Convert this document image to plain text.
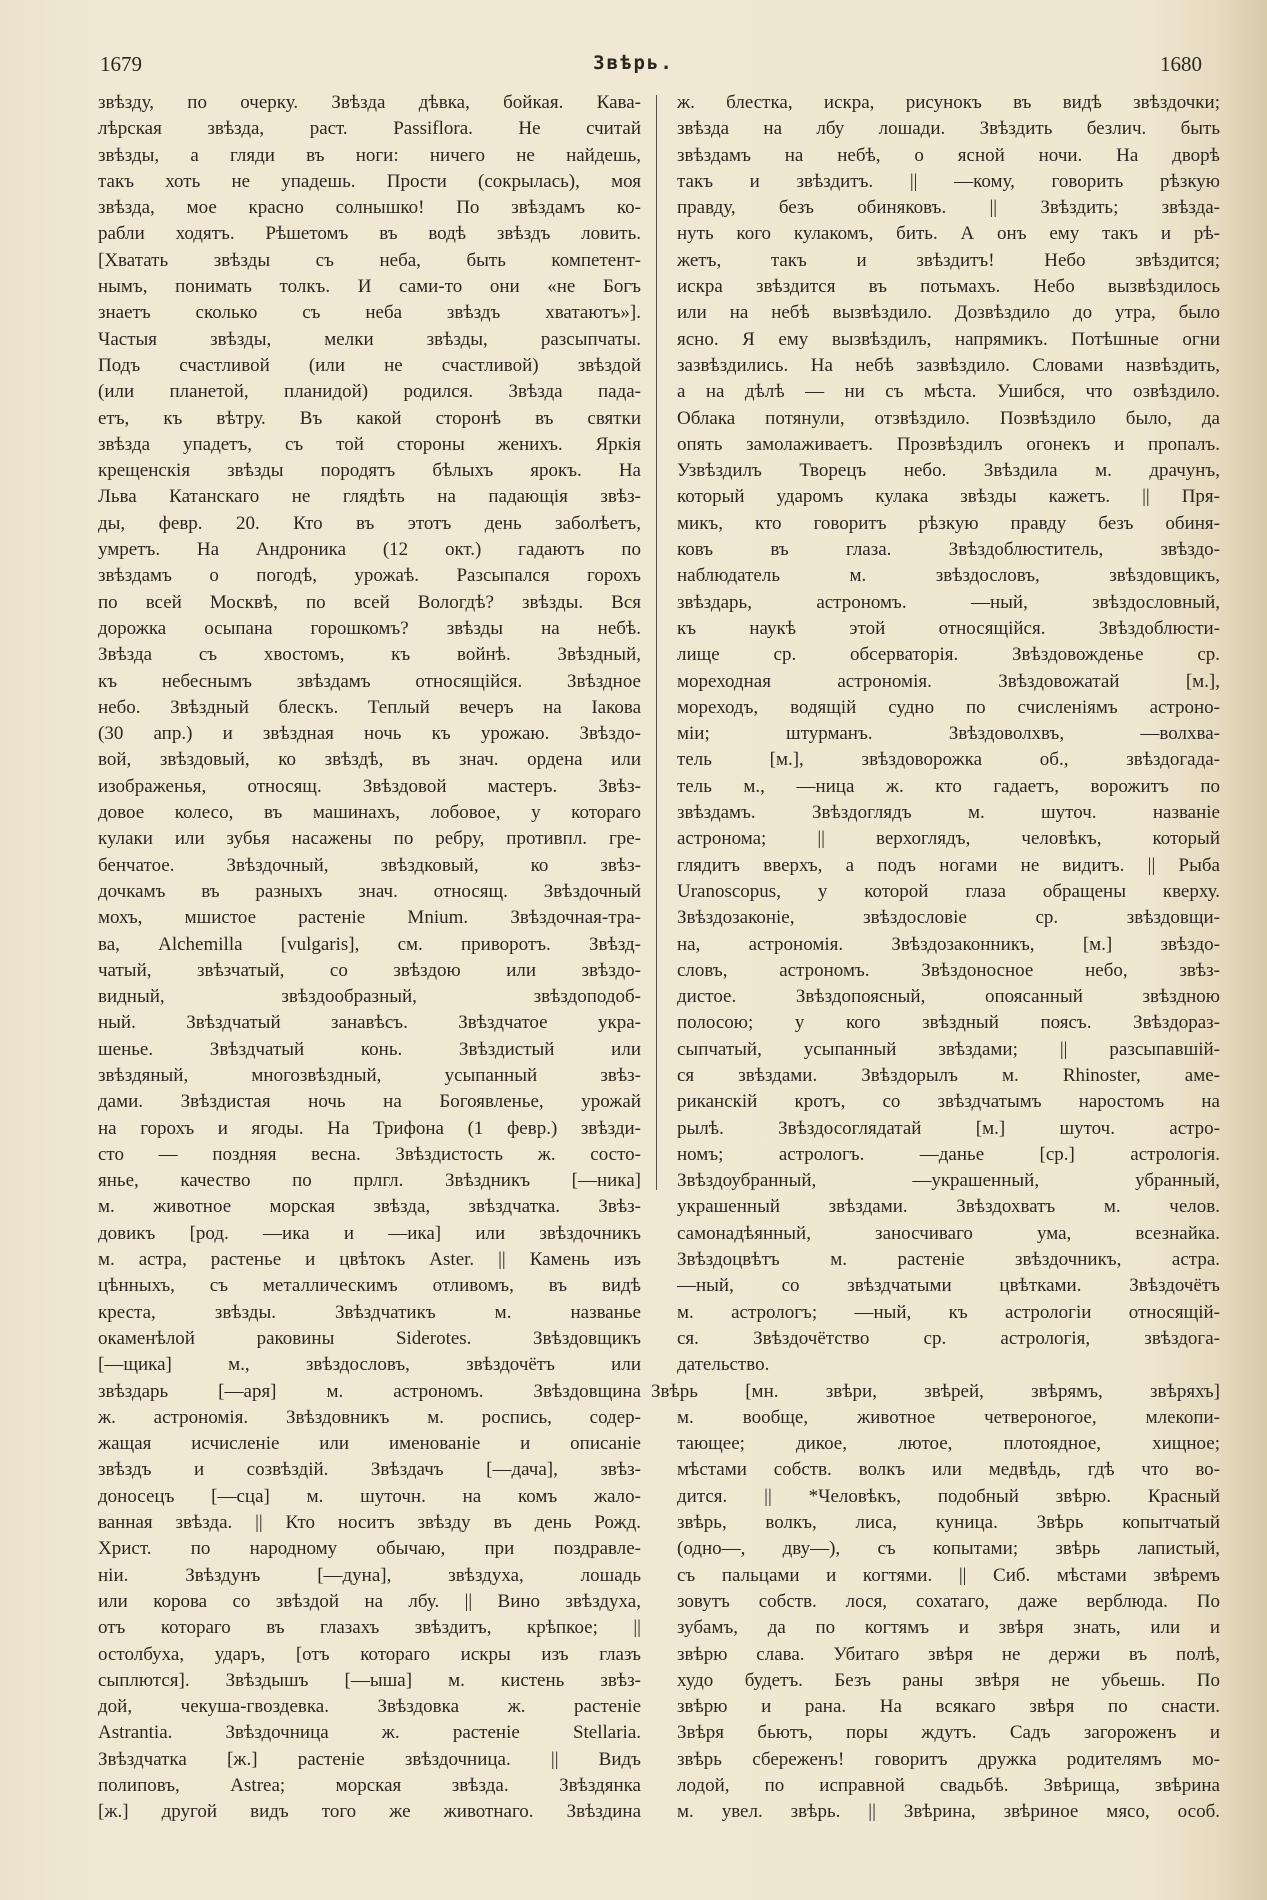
1679	Звѣрь.	1680
звѣзду, по очерку. Звѣзда дѣвка, бойкая. Кава-
лѣрская звѣзда, раст. Passiflora. Не считай
звѣзды, а гляди въ ноги: ничего не найдешь,
такъ хоть не упадешь. Прости (сокрылась), моя
звѣзда, мое красно солнышко! По звѣздамъ ко-
рабли ходятъ. Рѣшетомъ въ водѣ звѣздъ ловить.
[Хватать звѣзды съ неба, быть компетент-
нымъ, понимать толкъ. И сами-то они «не Богъ
знаетъ сколько съ неба звѣздъ хватаютъ»].
Частыя звѣзды, мелки звѣзды, разсыпчаты.
Подъ счастливой (или не счастливой) звѣздой
(или планетой, планидой) родился. Звѣзда пада-
етъ, къ вѣтру. Въ какой сторонѣ въ святки
звѣзда упадетъ, съ той стороны женихъ. Яркія
крещенскія звѣзды породятъ бѣлыхъ ярокъ. На
Льва Катанскаго не глядѣть на падающія звѣз-
ды, февр. 20. Кто въ этотъ день заболѣетъ,
умретъ. На Андроника (12 окт.) гадаютъ по
звѣздамъ о погодѣ, урожаѣ. Разсыпался горохъ
по всей Москвѣ, по всей Вологдѣ? звѣзды. Вся
дорожка осыпана горошкомъ? звѣзды на небѣ.
Звѣзда съ хвостомъ, къ войнѣ. Звѣздный,
къ небеснымъ звѣздамъ относящійся. Звѣздное
небо. Звѣздный блескъ. Теплый вечеръ на Іакова
(30 апр.) и звѣздная ночь къ урожаю. Звѣздо-
вой, звѣздовый, ко звѣздѣ, въ знач. ордена или
изображенья, относящ. Звѣздовой мастеръ. Звѣз-
довое колесо, въ машинахъ, лобовое, у котораго
кулаки или зубья насажены по ребру, противпл. гре-
бенчатое. Звѣздочный, звѣздковый, ко звѣз-
дочкамъ въ разныхъ знач. относящ. Звѣздочный
мохъ, мшистое растеніе Mnium. Звѣздочная-тра-
ва, Alchemilla [vulgaris], см. приворотъ. Звѣзд-
чатый, звѣзчатый, со звѣздою или звѣздо-
видный, звѣздообразный, звѣздоподоб-
ный. Звѣздчатый занавѣсъ. Звѣздчатое укра-
шенье. Звѣздчатый конь. Звѣздистый или
звѣздяный, многозвѣздный, усыпанный звѣз-
дами. Звѣздистая ночь на Богоявленье, урожай
на горохъ и ягоды. На Трифона (1 февр.) звѣзди-
сто — поздняя весна. Звѣздистость ж. состо-
янье, качество по прлгл. Звѣздникъ [—ника]
м. животное морская звѣзда, звѣздчатка. Звѣз-
довикъ [род. —ика и —ика] или звѣздочникъ
м. астра, растенье и цвѣтокъ Aster. || Камень изъ
цѣнныхъ, съ металлическимъ отливомъ, въ видѣ
креста, звѣзды. Звѣздчатикъ м. названье
окаменѣлой раковины Siderotes. Звѣздовщикъ
[—щика] м., звѣздословъ, звѣздочётъ или
звѣздарь [—аря] м. астрономъ. Звѣздовщина
ж. астрономія. Звѣздовникъ м. роспись, содер-
жащая исчисленіе или именованіе и описаніе
звѣздъ и созвѣздій. Звѣздачъ [—дача], звѣз-
доносецъ [—сца] м. шуточн. на комъ жало-
ванная звѣзда. || Кто носитъ звѣзду въ день Рожд.
Христ. по народному обычаю, при поздравле-
ніи. Звѣздунъ [—дуна], звѣздуха, лошадь
или корова со звѣздой на лбу. || Вино звѣздуха,
отъ котораго въ глазахъ звѣздитъ, крѣпкое; ||
остолбуха, ударъ, [отъ котораго искры изъ глазъ
сыплются]. Звѣздышъ [—ыша] м. кистень звѣз-
дой, чекуша-гвоздевка. Звѣздовка ж. растеніе
Astrantia. Звѣздочница ж. растеніе Stellaria.
Звѣздчатка [ж.] растеніе звѣздочница. || Видъ
полиповъ, Astrea; морская звѣзда. Звѣздянка
[ж.] другой видъ того же животнаго. Звѣздина
ж. блестка, искра, рисунокъ въ видѣ звѣздочки;
звѣзда на лбу лошади. Звѣздить безлич. быть
звѣздамъ на небѣ, о ясной ночи. На дворѣ
такъ и звѣздитъ. || —кому, говорить рѣзкую
правду, безъ обиняковъ. || Звѣздить; звѣзда-
нуть кого кулакомъ, бить. А онъ ему такъ и рѣ-
жетъ, такъ и звѣздитъ! Небо звѣздится;
искра звѣздится въ потьмахъ. Небо вызвѣздилось
или на небѣ вызвѣздило. Дозвѣздило до утра, было
ясно. Я ему вызвѣздилъ, напрямикъ. Потѣшные огни
зазвѣздились. На небѣ зазвѣздило. Словами назвѣздить,
а на дѣлѣ — ни съ мѣста. Ушибся, что озвѣздило.
Облака потянули, отзвѣздило. Позвѣздило было, да
опять замолаживаетъ. Прозвѣздилъ огонекъ и пропалъ.
Узвѣздилъ Творецъ небо. Звѣздила м. драчунъ,
который ударомъ кулака звѣзды кажетъ. || Пря-
микъ, кто говоритъ рѣзкую правду безъ обиня-
ковъ въ глаза. Звѣздоблюститель, звѣздо-
наблюдатель м. звѣздословъ, звѣздовщикъ,
звѣздарь, астрономъ. —ный, звѣздословный,
къ наукѣ этой относящійся. Звѣздоблюсти-
лище ср. обсерваторія. Звѣздовожденье ср.
мореходная астрономія. Звѣздовожатай [м.],
мореходъ, водящій судно по счисленіямъ астроно-
міи; штурманъ. Звѣздоволхвъ, —волхва-
тель [м.], звѣздоворожка об., звѣздогада-
тель м., —ница ж. кто гадаетъ, ворожитъ по
звѣздамъ. Звѣздоглядъ м. шуточ. названіе
астронома; || верхоглядъ, человѣкъ, который
глядитъ вверхъ, а подъ ногами не видитъ. || Рыба
Uranoscopus, у которой глаза обращены кверху.
Звѣздозаконіе, звѣздословіе ср. звѣздовщи-
на, астрономія. Звѣздозаконникъ, [м.] звѣздо-
словъ, астрономъ. Звѣздоносное небо, звѣз-
дистое. Звѣздопоясный, опоясанный звѣздною
полосою; у кого звѣздный поясъ. Звѣздораз-
сыпчатый, усыпанный звѣздами; || разсыпавшій-
ся звѣздами. Звѣздорылъ м. Rhinoster, аме-
риканскій кротъ, со звѣздчатымъ наростомъ на
рылѣ. Звѣздосоглядатай [м.] шуточ. астро-
номъ; астрологъ. —данье [ср.] астрологія.
Звѣздоубранный, —украшенный, убранный,
украшенный звѣздами. Звѣздохватъ м. челов.
самонадѣянный, заносчиваго ума, всезнайка.
Звѣздоцвѣтъ м. растеніе звѣздочникъ, астра.
—ный, со звѣздчатыми цвѣтками. Звѣздочётъ
м. астрологъ; —ный, къ астрологіи относящій-
ся. Звѣздочётство ср. астрологія, звѣздога-
дательство.
Звѣрь [мн. звѣри, звѣрей, звѣрямъ, звѣряхъ]
м. вообще, животное четвероногое, млекопи-
тающее; дикое, лютое, плотоядное, хищное;
мѣстами собств. волкъ или медвѣдь, гдѣ что во-
дится. || *Человѣкъ, подобный звѣрю. Красный
звѣрь, волкъ, лиса, куница. Звѣрь копытчатый
(одно—, дву—), съ копытами; звѣрь лапистый,
съ пальцами и когтями. || Сиб. мѣстами звѣремъ
зовутъ собств. лося, сохатаго, даже верблюда. По
зубамъ, да по когтямъ и звѣря знать, или и
звѣрю слава. Убитаго звѣря не держи въ полѣ,
худо будетъ. Безъ раны звѣря не убьешь. По
звѣрю и рана. На всякаго звѣря по снасти.
Звѣря бьютъ, поры ждутъ. Садъ загороженъ и
звѣрь сбереженъ! говоритъ дружка родителямъ мо-
лодой, по исправной свадьбѣ. Звѣрища, звѣрина
м. увел. звѣрь. || Звѣрина, звѣриное мясо, особ.
